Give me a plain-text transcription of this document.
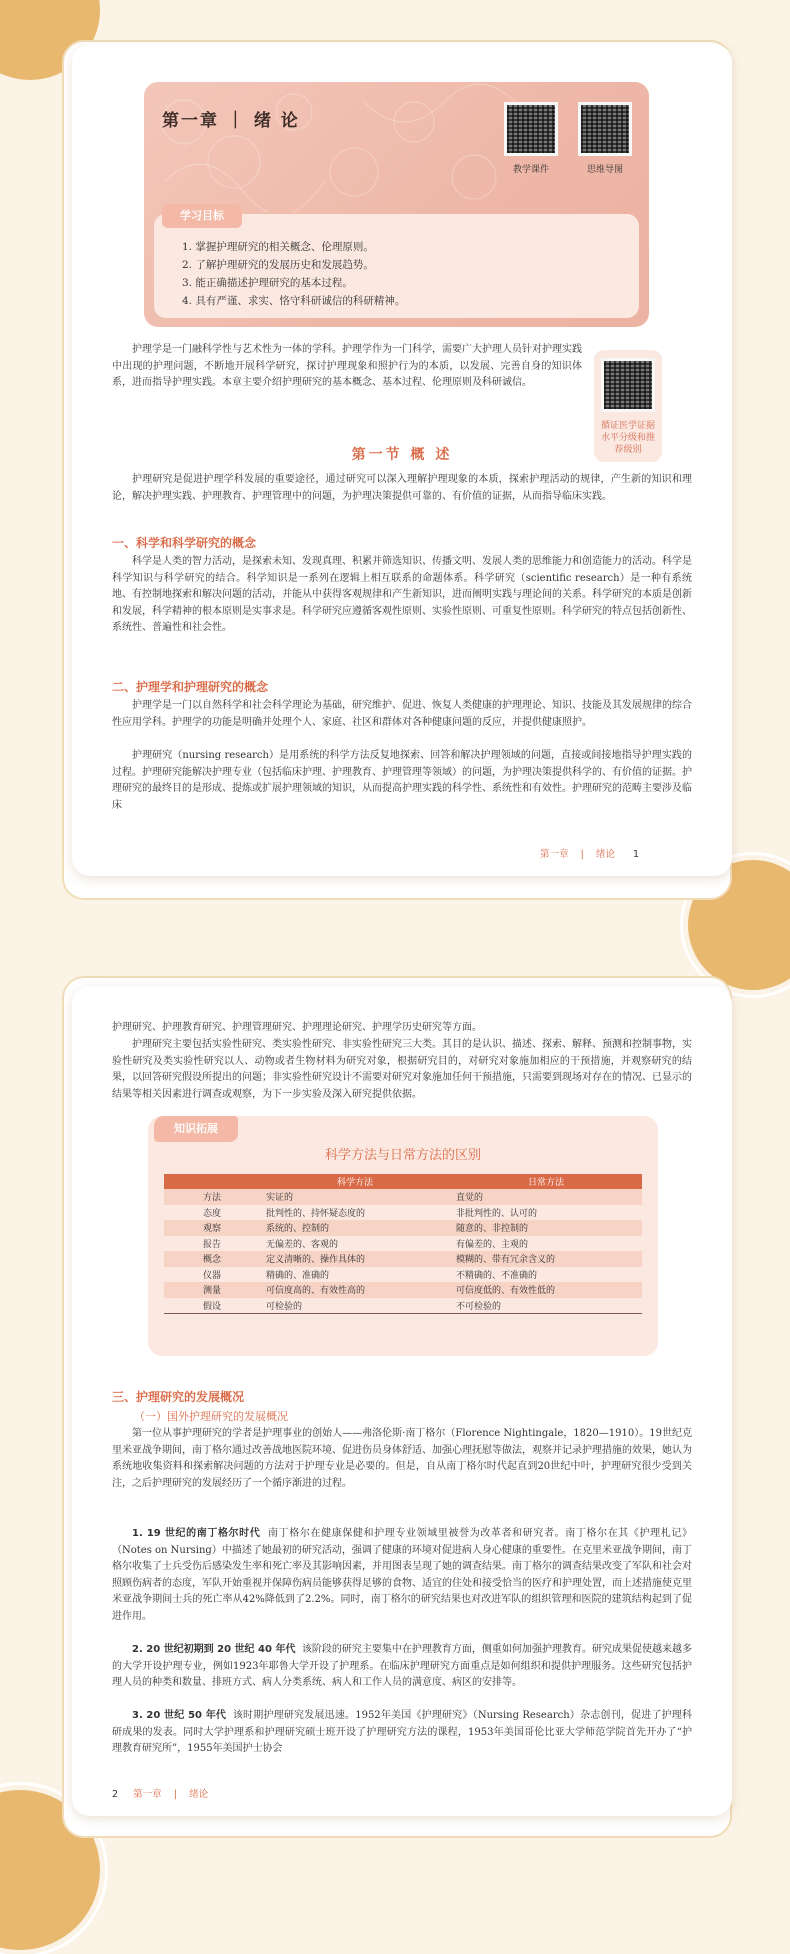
第一章 ｜ 绪 论
教学课件	思维导图
学习目标
1. 掌握护理研究的相关概念、伦理原则。
2. 了解护理研究的发展历史和发展趋势。
3. 能正确描述护理研究的基本过程。
4. 具有严谨、求实、恪守科研诚信的科研精神。
护理学是一门融科学性与艺术性为一体的学科。护理学作为一门科学，需要广大护理人员针对护理实践中出现的护理问题，不断地开展科学研究，探讨护理现象和照护行为的本质，以发展、完善自身的知识体系，进而指导护理实践。本章主要介绍护理研究的基本概念、基本过程、伦理原则及科研诚信。
循证医学证据水平分级和推荐级别
第一节 概 述
护理研究是促进护理学科发展的重要途径，通过研究可以深入理解护理现象的本质，探索护理活动的规律，产生新的知识和理论，解决护理实践、护理教育、护理管理中的问题，为护理决策提供可靠的、有价值的证据，从而指导临床实践。
一、科学和科学研究的概念
科学是人类的智力活动，是探索未知、发现真理、积累并筛选知识、传播文明、发展人类的思维能力和创造能力的活动。科学是科学知识与科学研究的结合。科学知识是一系列在逻辑上相互联系的命题体系。科学研究（scientific research）是一种有系统地、有控制地探索和解决问题的活动，并能从中获得客观规律和产生新知识，进而阐明实践与理论间的关系。科学研究的本质是创新和发展，科学精神的根本原则是实事求是。科学研究应遵循客观性原则、实验性原则、可重复性原则。科学研究的特点包括创新性、系统性、普遍性和社会性。
二、护理学和护理研究的概念
护理学是一门以自然科学和社会科学理论为基础，研究维护、促进、恢复人类健康的护理理论、知识、技能及其发展规律的综合性应用学科。护理学的功能是明确并处理个人、家庭、社区和群体对各种健康问题的反应，并提供健康照护。
护理研究（nursing research）是用系统的科学方法反复地探索、回答和解决护理领域的问题，直接或间接地指导护理实践的过程。护理研究能解决护理专业（包括临床护理、护理教育、护理管理等领域）的问题，为护理决策提供科学的、有价值的证据。护理研究的最终目的是形成、提炼或扩展护理领域的知识，从而提高护理实践的科学性、系统性和有效性。护理研究的范畴主要涉及临床
第一章 | 绪论 1
护理研究、护理教育研究、护理管理研究、护理理论研究、护理学历史研究等方面。
护理研究主要包括实验性研究、类实验性研究、非实验性研究三大类。其目的是认识、描述、探索、解释、预测和控制事物，实验性研究及类实验性研究以人、动物或者生物材料为研究对象，根据研究目的，对研究对象施加相应的干预措施，并观察研究的结果，以回答研究假设所提出的问题；非实验性研究设计不需要对研究对象施加任何干预措施，只需要到现场对存在的情况、已显示的结果等相关因素进行调查或观察，为下一步实验及深入研究提供依据。
知识拓展
科学方法与日常方法的区别
	科学方法	日常方法
方法	实证的	直觉的
态度	批判性的、持怀疑态度的	非批判性的、认可的
观察	系统的、控制的	随意的、非控制的
报告	无偏差的、客观的	有偏差的、主观的
概念	定义清晰的、操作具体的	模糊的、带有冗余含义的
仪器	精确的、准确的	不精确的、不准确的
测量	可信度高的、有效性高的	可信度低的、有效性低的
假设	可检验的	不可检验的
三、护理研究的发展概况
（一）国外护理研究的发展概况
第一位从事护理研究的学者是护理事业的创始人——弗洛伦斯·南丁格尔（Florence Nightingale，1820—1910）。19世纪克里米亚战争期间，南丁格尔通过改善战地医院环境、促进伤员身体舒适、加强心理抚慰等做法，观察并记录护理措施的效果，她认为系统地收集资料和探索解决问题的方法对于护理专业是必要的。但是，自从南丁格尔时代起直到20世纪中叶，护理研究很少受到关注，之后护理研究的发展经历了一个循序渐进的过程。
1. 19 世纪的南丁格尔时代 南丁格尔在健康保健和护理专业领域里被誉为改革者和研究者。南丁格尔在其《护理札记》（Notes on Nursing）中描述了她最初的研究活动，强调了健康的环境对促进病人身心健康的重要性。在克里米亚战争期间，南丁格尔收集了士兵受伤后感染发生率和死亡率及其影响因素，并用图表呈现了她的调查结果。南丁格尔的调查结果改变了军队和社会对照顾伤病者的态度，军队开始重视并保障伤病员能够获得足够的食物、适宜的住处和接受恰当的医疗和护理处置，而上述措施使克里米亚战争期间士兵的死亡率从42%降低到了2.2%。同时，南丁格尔的研究结果也对改进军队的组织管理和医院的建筑结构起到了促进作用。
2. 20 世纪初期到 20 世纪 40 年代 该阶段的研究主要集中在护理教育方面，侧重如何加强护理教育。研究成果促使越来越多的大学开设护理专业，例如1923年耶鲁大学开设了护理系。在临床护理研究方面重点是如何组织和提供护理服务。这些研究包括护理人员的种类和数量、排班方式、病人分类系统、病人和工作人员的满意度、病区的安排等。
3. 20 世纪 50 年代 该时期护理研究发展迅速。1952年美国《护理研究》（Nursing Research）杂志创刊，促进了护理科研成果的发表。同时大学护理系和护理研究硕士班开设了护理研究方法的课程，1953年美国哥伦比亚大学师范学院首先开办了“护理教育研究所”，1955年美国护士协会
2 第一章 | 绪论
